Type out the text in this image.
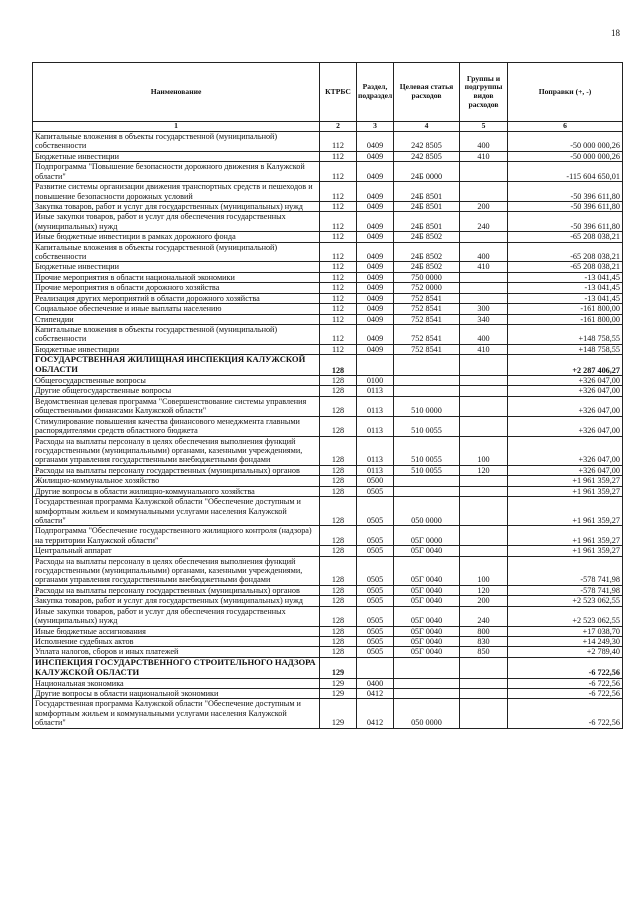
18
Наименование	КТРБС	Раздел, подраздел	Целевая статья расходов	Группы и подгруппы видов расходов	Поправки (+, -)
1	2	3	4	5	6
Капитальные вложения в объекты государственной (муниципальной) собственности	112	0409	242 8505	400	-50 000 000,26
Бюджетные инвестиции	112	0409	242 8505	410	-50 000 000,26
Подпрограмма "Повышение безопасности дорожного движения в Калужской области"	112	0409	24Б 0000		-115 604 650,01
Развитие системы организации движения транспортных средств и пешеходов и повышение безопасности дорожных условий	112	0409	24Б 8501		-50 396 611,80
Закупка товаров, работ и услуг для государственных (муниципальных) нужд	112	0409	24Б 8501	200	-50 396 611,80
Иные закупки товаров, работ и услуг для обеспечения государственных (муниципальных) нужд	112	0409	24Б 8501	240	-50 396 611,80
Иные бюджетные инвестиции в рамках дорожного фонда	112	0409	24Б 8502		-65 208 038,21
Капитальные вложения в объекты государственной (муниципальной) собственности	112	0409	24Б 8502	400	-65 208 038,21
Бюджетные инвестиции	112	0409	24Б 8502	410	-65 208 038,21
Прочие мероприятия в области национальной экономики	112	0409	750 0000		-13 041,45
Прочие мероприятия в области дорожного хозяйства	112	0409	752 0000		-13 041,45
Реализация других мероприятий в области дорожного хозяйства	112	0409	752 8541		-13 041,45
Социальное обеспечение и иные выплаты населению	112	0409	752 8541	300	-161 800,00
Стипендии	112	0409	752 8541	340	-161 800,00
Капитальные вложения в объекты государственной (муниципальной) собственности	112	0409	752 8541	400	+148 758,55
Бюджетные инвестиции	112	0409	752 8541	410	+148 758,55
ГОСУДАРСТВЕННАЯ ЖИЛИЩНАЯ ИНСПЕКЦИЯ КАЛУЖСКОЙ ОБЛАСТИ	128				+2 287 406,27
Общегосударственные вопросы	128	0100			+326 047,00
Другие общегосударственные вопросы	128	0113			+326 047,00
Ведомственная целевая программа "Совершенствование системы управления общественными финансами Калужской области"	128	0113	510 0000		+326 047,00
Стимулирование повышения качества финансового менеджмента главными распорядителями средств областного бюджета	128	0113	510 0055		+326 047,00
Расходы на выплаты персоналу в целях обеспечения выполнения функций государственными (муниципальными) органами, казенными учреждениями, органами управления государственными внебюджетными фондами	128	0113	510 0055	100	+326 047,00
Расходы на выплаты персоналу государственных (муниципальных) органов	128	0113	510 0055	120	+326 047,00
Жилищно-коммунальное хозяйство	128	0500			+1 961 359,27
Другие вопросы в области жилищно-коммунального хозяйства	128	0505			+1 961 359,27
Государственная программа Калужской области "Обеспечение доступным и комфортным жильем и коммунальными услугами населения Калужской области"	128	0505	050 0000		+1 961 359,27
Подпрограмма "Обеспечение государственного жилищного контроля (надзора) на территории Калужской области"	128	0505	05Г 0000		+1 961 359,27
Центральный аппарат	128	0505	05Г 0040		+1 961 359,27
Расходы на выплаты персоналу в целях обеспечения выполнения функций государственными (муниципальными) органами, казенными учреждениями, органами управления государственными внебюджетными фондами	128	0505	05Г 0040	100	-578 741,98
Расходы на выплаты персоналу государственных (муниципальных) органов	128	0505	05Г 0040	120	-578 741,98
Закупка товаров, работ и услуг для государственных (муниципальных) нужд	128	0505	05Г 0040	200	+2 523 062,55
Иные закупки товаров, работ и услуг для обеспечения государственных (муниципальных) нужд	128	0505	05Г 0040	240	+2 523 062,55
Иные бюджетные ассигнования	128	0505	05Г 0040	800	+17 038,70
Исполнение судебных актов	128	0505	05Г 0040	830	+14 249,30
Уплата налогов, сборов и иных платежей	128	0505	05Г 0040	850	+2 789,40
ИНСПЕКЦИЯ ГОСУДАРСТВЕННОГО СТРОИТЕЛЬНОГО НАДЗОРА КАЛУЖСКОЙ ОБЛАСТИ	129				-6 722,56
Национальная экономика	129	0400			-6 722,56
Другие вопросы в области национальной экономики	129	0412			-6 722,56
Государственная программа Калужской области "Обеспечение доступным и комфортным жильем и коммунальными услугами населения Калужской области"	129	0412	050 0000		-6 722,56
